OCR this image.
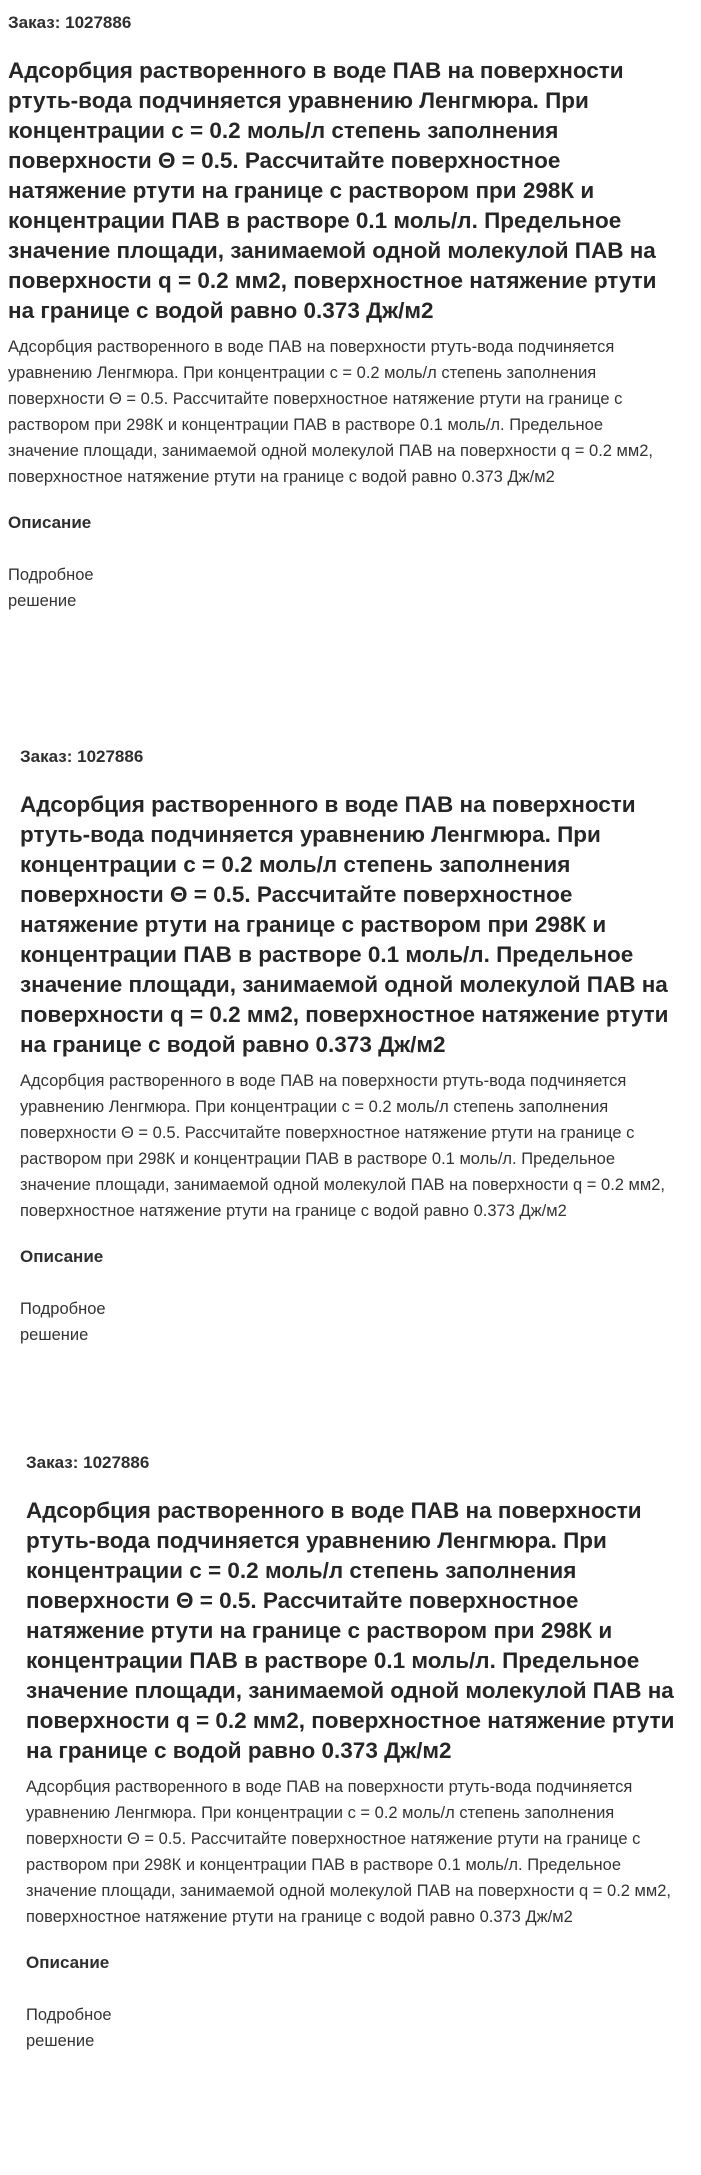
Заказ: 1027886
Адсорбция растворенного в воде ПАВ на поверхности ртуть-вода подчиняется уравнению Ленгмюра. При концентрации с = 0.2 моль/л степень заполнения поверхности Θ = 0.5. Рассчитайте поверхностное натяжение ртути на границе с раствором при 298К и концентрации ПАВ в растворе 0.1 моль/л. Предельное значение площади, занимаемой одной молекулой ПАВ на поверхности q = 0.2 мм2, поверхностное натяжение ртути на границе с водой равно 0.373 Дж/м2
Адсорбция растворенного в воде ПАВ на поверхности ртуть-вода подчиняется уравнению Ленгмюра. При концентрации с = 0.2 моль/л степень заполнения поверхности Θ = 0.5. Рассчитайте поверхностное натяжение ртути на границе с раствором при 298К и концентрации ПАВ в растворе 0.1 моль/л. Предельное значение площади, занимаемой одной молекулой ПАВ на поверхности q = 0.2 мм2, поверхностное натяжение ртути на границе с водой равно 0.373 Дж/м2
Описание
Подробное решение
Заказ: 1027886
Адсорбция растворенного в воде ПАВ на поверхности ртуть-вода подчиняется уравнению Ленгмюра. При концентрации с = 0.2 моль/л степень заполнения поверхности Θ = 0.5. Рассчитайте поверхностное натяжение ртути на границе с раствором при 298К и концентрации ПАВ в растворе 0.1 моль/л. Предельное значение площади, занимаемой одной молекулой ПАВ на поверхности q = 0.2 мм2, поверхностное натяжение ртути на границе с водой равно 0.373 Дж/м2
Адсорбция растворенного в воде ПАВ на поверхности ртуть-вода подчиняется уравнению Ленгмюра. При концентрации с = 0.2 моль/л степень заполнения поверхности Θ = 0.5. Рассчитайте поверхностное натяжение ртути на границе с раствором при 298К и концентрации ПАВ в растворе 0.1 моль/л. Предельное значение площади, занимаемой одной молекулой ПАВ на поверхности q = 0.2 мм2, поверхностное натяжение ртути на границе с водой равно 0.373 Дж/м2
Описание
Подробное решение
Заказ: 1027886
Адсорбция растворенного в воде ПАВ на поверхности ртуть-вода подчиняется уравнению Ленгмюра. При концентрации с = 0.2 моль/л степень заполнения поверхности Θ = 0.5. Рассчитайте поверхностное натяжение ртути на границе с раствором при 298К и концентрации ПАВ в растворе 0.1 моль/л. Предельное значение площади, занимаемой одной молекулой ПАВ на поверхности q = 0.2 мм2, поверхностное натяжение ртути на границе с водой равно 0.373 Дж/м2
Адсорбция растворенного в воде ПАВ на поверхности ртуть-вода подчиняется уравнению Ленгмюра. При концентрации с = 0.2 моль/л степень заполнения поверхности Θ = 0.5. Рассчитайте поверхностное натяжение ртути на границе с раствором при 298К и концентрации ПАВ в растворе 0.1 моль/л. Предельное значение площади, занимаемой одной молекулой ПАВ на поверхности q = 0.2 мм2, поверхностное натяжение ртути на границе с водой равно 0.373 Дж/м2
Описание
Подробное решение
